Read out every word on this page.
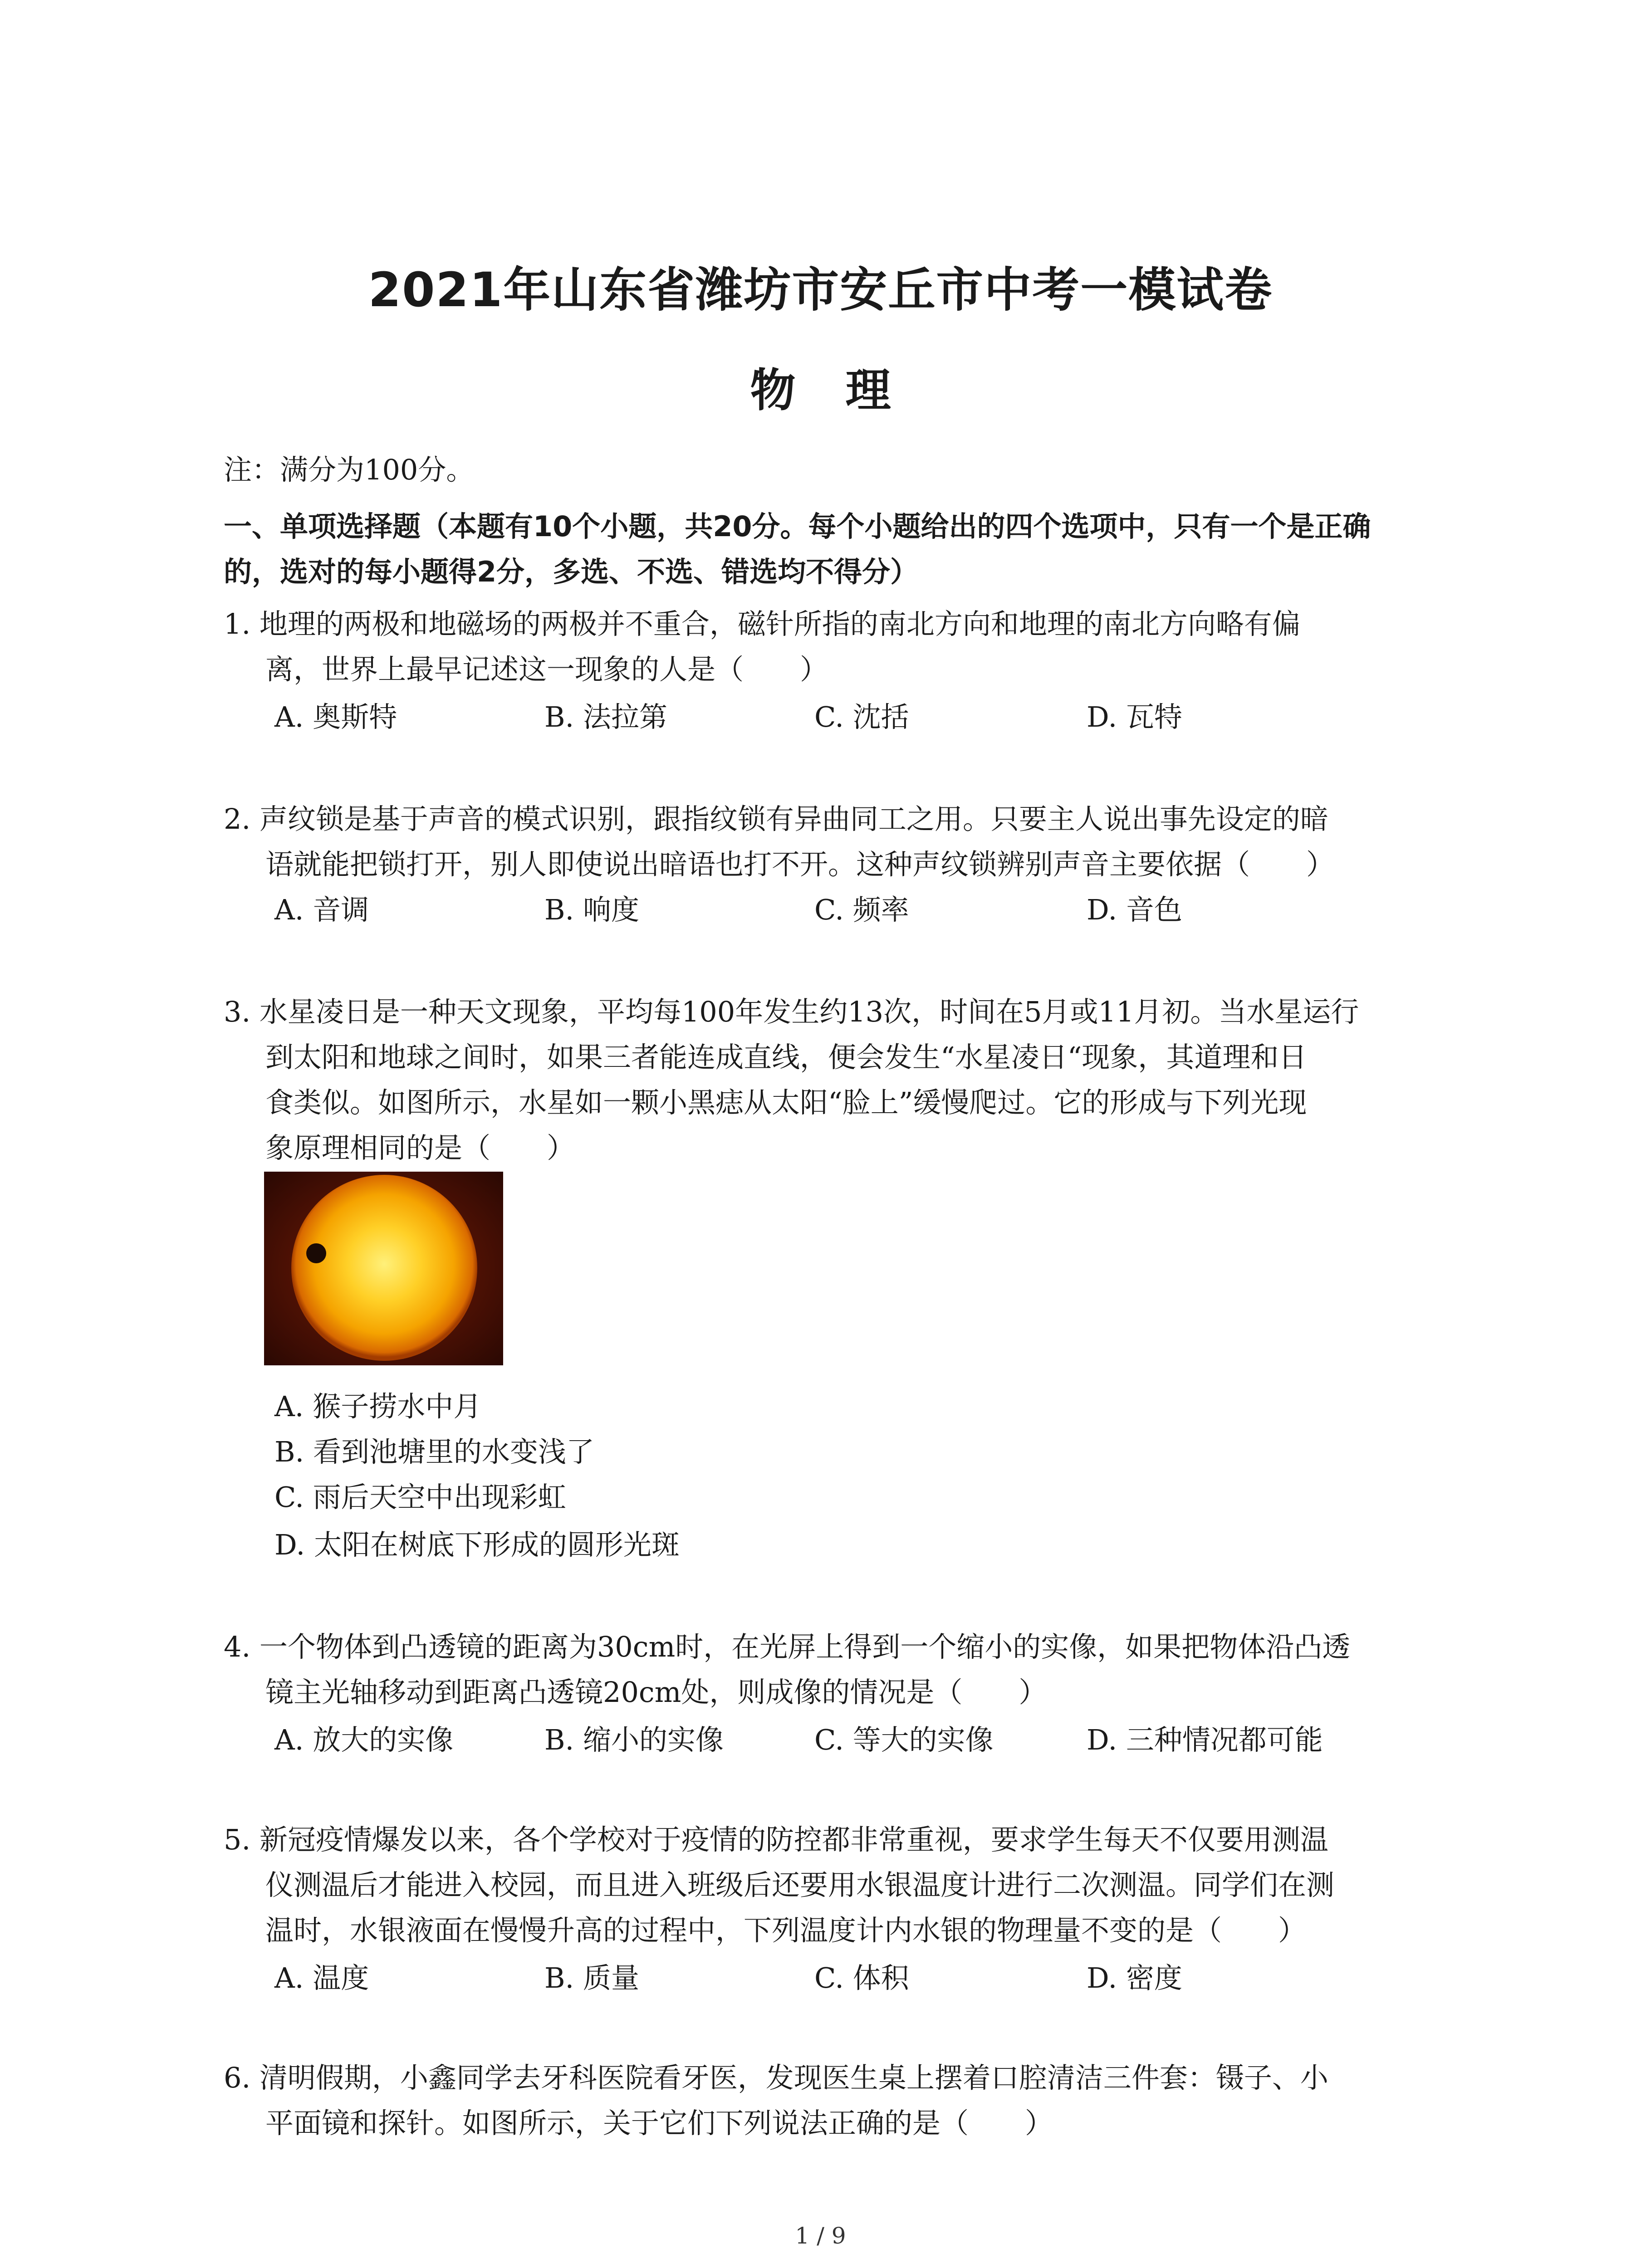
2021年山东省潍坊市安丘市中考一模试卷
物理
注：满分为100分。
一、单项选择题（本题有10个小题，共20分。每个小题给出的四个选项中，只有一个是正确
的，选对的每小题得2分，多选、不选、错选均不得分）
1. 地理的两极和地磁场的两极并不重合，磁针所指的南北方向和地理的南北方向略有偏
离，世界上最早记述这一现象的人是（　　）
A. 奥斯特	B. 法拉第	C. 沈括	D. 瓦特
2. 声纹锁是基于声音的模式识别，跟指纹锁有异曲同工之用。只要主人说出事先设定的暗
语就能把锁打开，别人即使说出暗语也打不开。这种声纹锁辨别声音主要依据（　　）
A. 音调	B. 响度	C. 频率	D. 音色
3. 水星凌日是一种天文现象，平均每100年发生约13次，时间在5月或11月初。当水星运行
到太阳和地球之间时，如果三者能连成直线，便会发生“水星凌日“现象，其道理和日
食类似。如图所示，水星如一颗小黑痣从太阳“脸上”缓慢爬过。它的形成与下列光现
象原理相同的是（　　）
A. 猴子捞水中月
B. 看到池塘里的水变浅了
C. 雨后天空中出现彩虹
D. 太阳在树底下形成的圆形光斑
4. 一个物体到凸透镜的距离为30cm时，在光屏上得到一个缩小的实像，如果把物体沿凸透
镜主光轴移动到距离凸透镜20cm处，则成像的情况是（　　）
A. 放大的实像	B. 缩小的实像	C. 等大的实像	D. 三种情况都可能
5. 新冠疫情爆发以来，各个学校对于疫情的防控都非常重视，要求学生每天不仅要用测温
仪测温后才能进入校园，而且进入班级后还要用水银温度计进行二次测温。同学们在测
温时，水银液面在慢慢升高的过程中，下列温度计内水银的物理量不变的是（　　）
A. 温度	B. 质量	C. 体积	D. 密度
6. 清明假期，小鑫同学去牙科医院看牙医，发现医生桌上摆着口腔清洁三件套：镊子、小
平面镜和探针。如图所示，关于它们下列说法正确的是（　　）
1 / 9
